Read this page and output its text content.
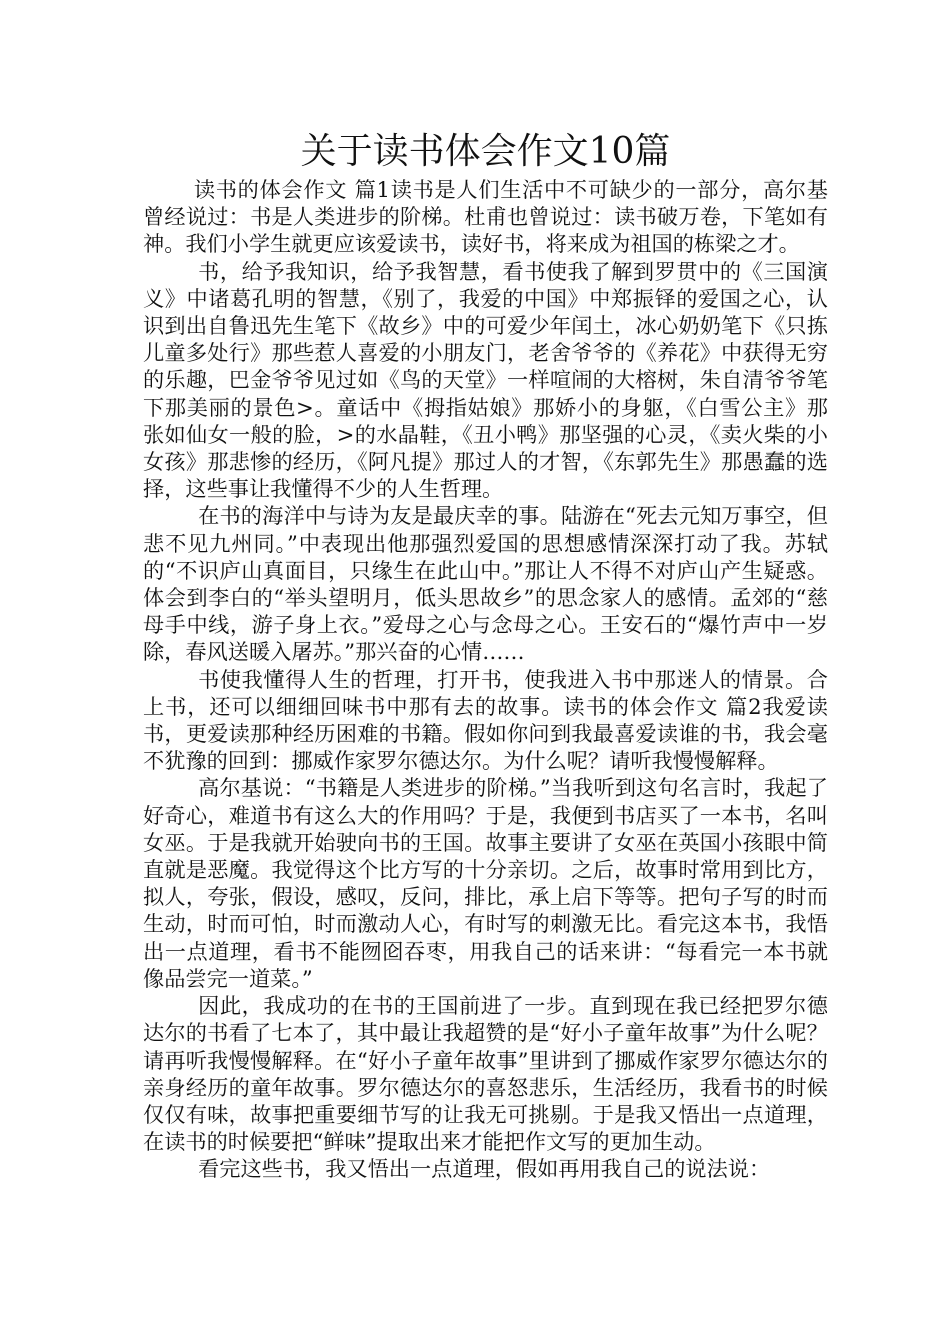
关于读书体会作文10篇

读书的体会作文 篇1读书是人们生活中不可缺少的一部分，高尔基曾经说过：书是人类进步的阶梯。杜甫也曾说过：读书破万卷，下笔如有神。我们小学生就更应该爱读书，读好书，将来成为祖国的栋梁之才。

书，给予我知识，给予我智慧，看书使我了解到罗贯中的《三国演义》中诸葛孔明的智慧，《别了，我爱的中国》中郑振铎的爱国之心，认识到出自鲁迅先生笔下《故乡》中的可爱少年闰土，冰心奶奶笔下《只拣儿童多处行》那些惹人喜爱的小朋友门，老舍爷爷的《养花》中获得无穷的乐趣，巴金爷爷见过如《鸟的天堂》一样喧闹的大榕树，朱自清爷爷笔下那美丽的景色>。童话中《拇指姑娘》那娇小的身躯，《白雪公主》那张如仙女一般的脸，>的水晶鞋，《丑小鸭》那坚强的心灵，《卖火柴的小女孩》那悲惨的经历，《阿凡提》那过人的才智，《东郭先生》那愚蠢的选择，这些事让我懂得不少的人生哲理。

在书的海洋中与诗为友是最庆幸的事。陆游在“死去元知万事空，但悲不见九州同。”中表现出他那强烈爱国的思想感情深深打动了我。苏轼的“不识庐山真面目，只缘生在此山中。”那让人不得不对庐山产生疑惑。体会到李白的“举头望明月，低头思故乡”的思念家人的感情。孟郊的“慈母手中线，游子身上衣。”爱母之心与念母之心。王安石的“爆竹声中一岁除，春风送暖入屠苏。”那兴奋的心情……

书使我懂得人生的哲理，打开书，使我进入书中那迷人的情景。合上书，还可以细细回味书中那有去的故事。读书的体会作文 篇2我爱读书，更爱读那种经历困难的书籍。假如你问到我最喜爱读谁的书，我会毫不犹豫的回到：挪威作家罗尔德达尔。为什么呢？请听我慢慢解释。

高尔基说：“书籍是人类进步的阶梯。”当我听到这句名言时，我起了好奇心，难道书有这么大的作用吗？于是，我便到书店买了一本书，名叫女巫。于是我就开始驶向书的王国。故事主要讲了女巫在英国小孩眼中简直就是恶魔。我觉得这个比方写的十分亲切。之后，故事时常用到比方，拟人，夸张，假设，感叹，反问，排比，承上启下等等。把句子写的时而生动，时而可怕，时而激动人心，有时写的刺激无比。看完这本书，我悟出一点道理，看书不能囫囵吞枣，用我自己的话来讲：“每看完一本书就像品尝完一道菜。”

因此，我成功的在书的王国前进了一步。直到现在我已经把罗尔德达尔的书看了七本了，其中最让我超赞的是“好小子童年故事”为什么呢？请再听我慢慢解释。在“好小子童年故事”里讲到了挪威作家罗尔德达尔的亲身经历的童年故事。罗尔德达尔的喜怒悲乐，生活经历，我看书的时候仅仅有味，故事把重要细节写的让我无可挑剔。于是我又悟出一点道理，在读书的时候要把“鲜味”提取出来才能把作文写的更加生动。

看完这些书，我又悟出一点道理，假如再用我自己的说法说：
